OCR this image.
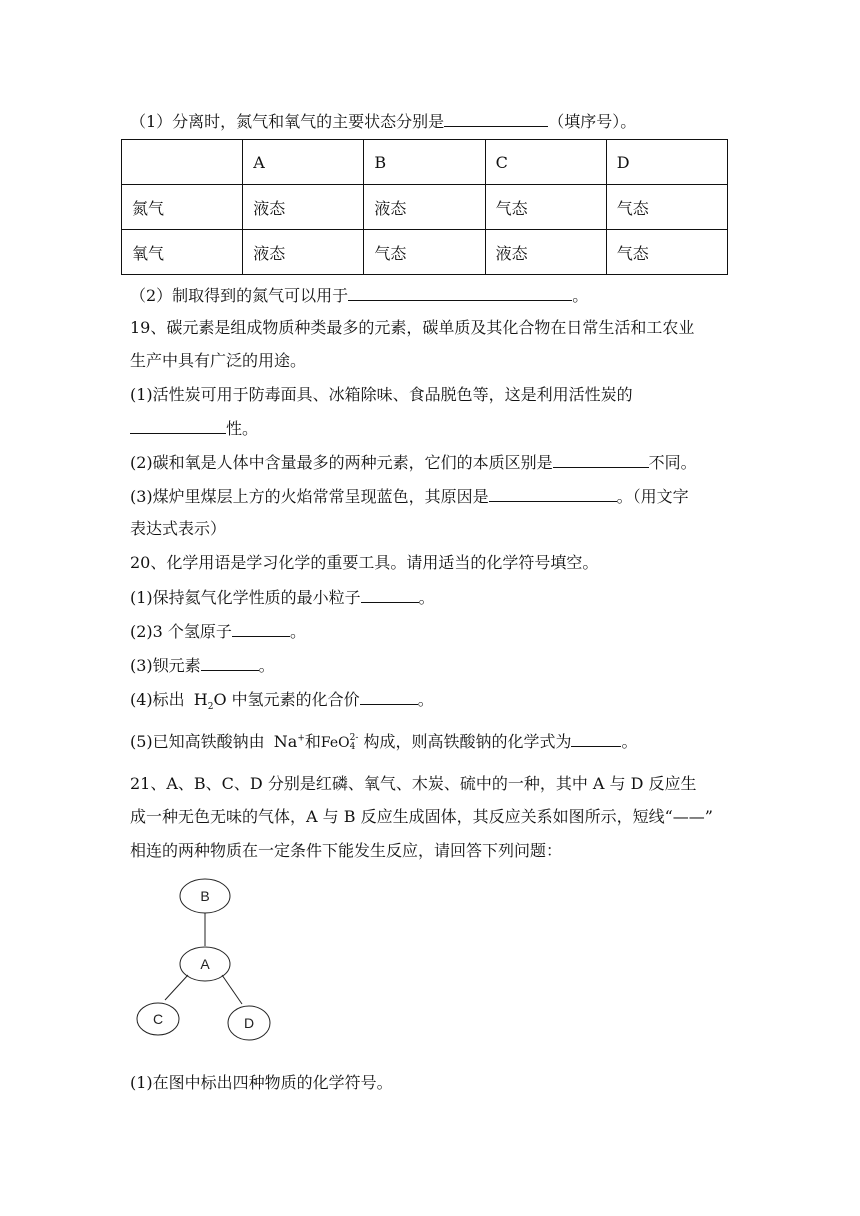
（1）分离时，氮气和氧气的主要状态分别是	（填序号）。
	A	B	C	D
氮气	液态	液态	气态	气态
氧气	液态	气态	液态	气态
（2）制取得到的氮气可以用于	。
19、碳元素是组成物质种类最多的元素，碳单质及其化合物在日常生活和工农业
生产中具有广泛的用途。
(1)活性炭可用于防毒面具、冰箱除味、食品脱色等，这是利用活性炭的
性。
(2)碳和氧是人体中含量最多的两种元素，它们的本质区别是	不同。
(3)煤炉里煤层上方的火焰常常呈现蓝色，其原因是	。（用文字
表达式表示）
20、化学用语是学习化学的重要工具。请用适当的化学符号填空。
(1)保持氦气化学性质的最小粒子	。
(2)3 个氢原子	。
(3)钡元素	。
(4)标出 $H_2O$ 中氢元素的化合价	。
(5)已知高铁酸钠由 Na+和FeO 2-
4 构成，则高铁酸钠的化学式为	。
21、A、B、C、D 分别是红磷、氧气、木炭、硫中的一种，其中 A 与 D 反应生
成一种无色无味的气体，A 与 B 反应生成固体，其反应关系如图所示，短线“——”
相连的两种物质在一定条件下能发生反应，请回答下列问题：
B
A
C	D
(1)在图中标出四种物质的化学符号。
